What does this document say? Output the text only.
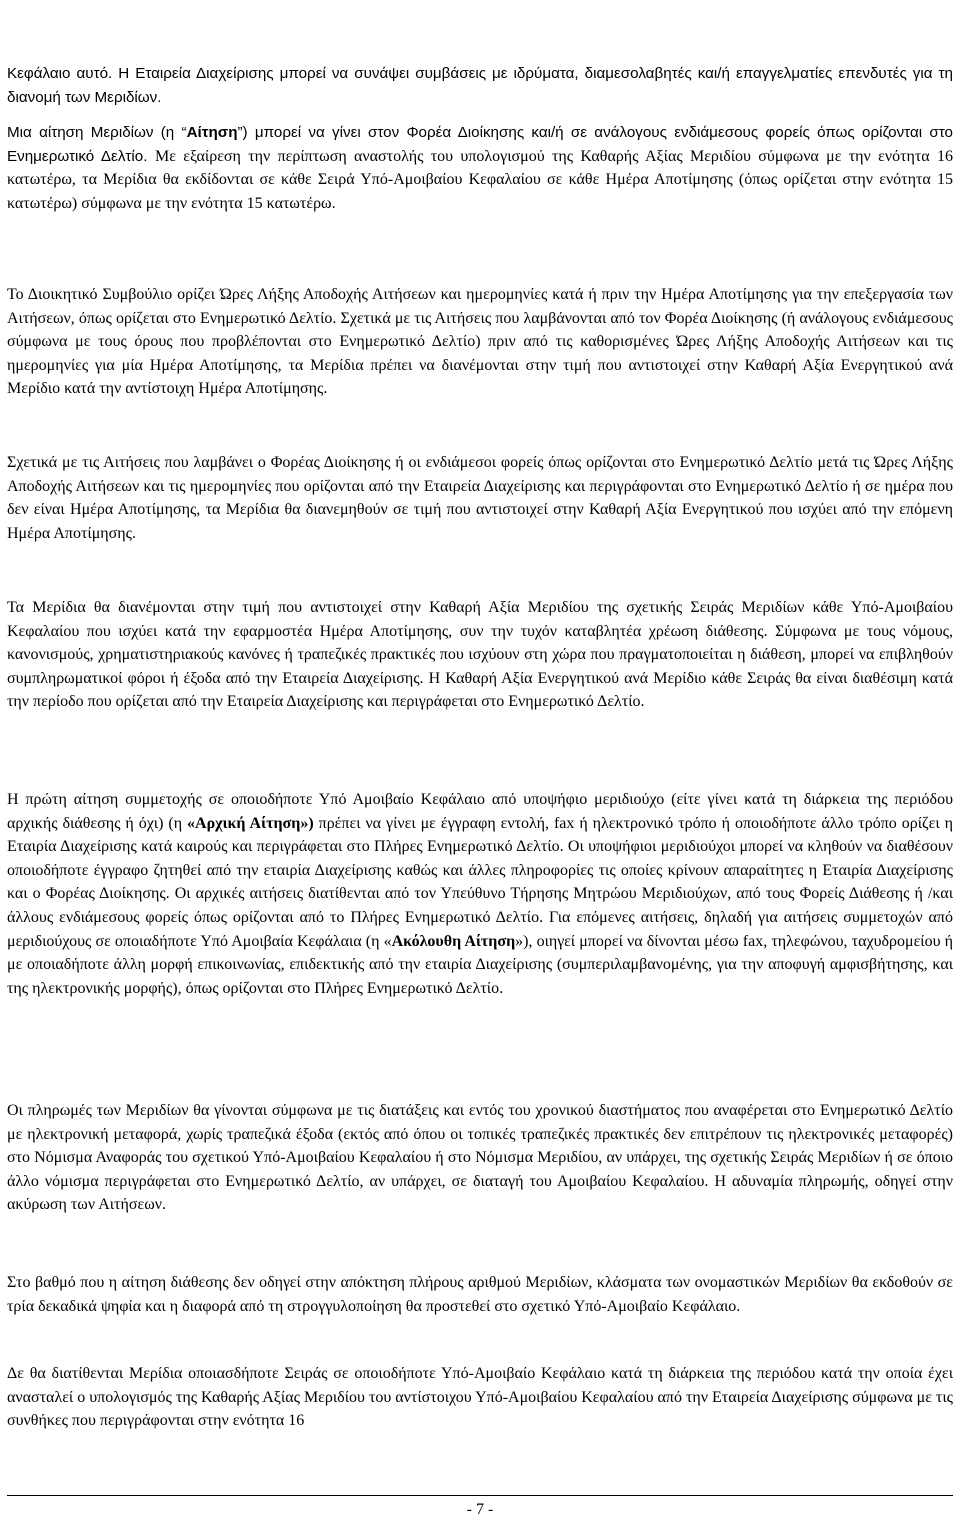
Κεφάλαιο αυτό. Η Εταιρεία Διαχείρισης μπορεί να συνάψει συμβάσεις με ιδρύματα, διαμεσολαβητές και/ή επαγγελματίες επενδυτές για τη διανομή των Μεριδίων.

Μια αίτηση Μεριδίων (η “Αίτηση”) μπορεί να γίνει στον Φορέα Διοίκησης και/ή σε ανάλογους ενδιάμεσους φορείς όπως ορίζονται στο Ενημερωτικό Δελτίο. Με εξαίρεση την περίπτωση αναστολής του υπολογισμού της Καθαρής Αξίας Μεριδίου σύμφωνα με την ενότητα 16 κατωτέρω, τα Μερίδια θα εκδίδονται σε κάθε Σειρά Υπό-Αμοιβαίου Κεφαλαίου σε κάθε Ημέρα Αποτίμησης (όπως ορίζεται στην ενότητα 15 κατωτέρω) σύμφωνα με την ενότητα 15 κατωτέρω.

Το Διοικητικό Συμβούλιο ορίζει Ώρες Λήξης Αποδοχής Αιτήσεων και ημερομηνίες κατά ή πριν την Ημέρα Αποτίμησης για την επεξεργασία των Αιτήσεων, όπως ορίζεται στο Ενημερωτικό Δελτίο. Σχετικά με τις Αιτήσεις που λαμβάνονται από τον Φορέα Διοίκησης (ή ανάλογους ενδιάμεσους σύμφωνα με τους όρους που προβλέπονται στο Ενημερωτικό Δελτίο) πριν από τις καθορισμένες Ώρες Λήξης Αποδοχής Αιτήσεων και τις ημερομηνίες για μία Ημέρα Αποτίμησης, τα Μερίδια πρέπει να διανέμονται στην τιμή που αντιστοιχεί στην Καθαρή Αξία Ενεργητικού ανά Μερίδιο κατά την αντίστοιχη Ημέρα Αποτίμησης.

Σχετικά με τις Αιτήσεις που λαμβάνει ο Φορέας Διοίκησης ή οι ενδιάμεσοι φορείς όπως ορίζονται στο Ενημερωτικό Δελτίο μετά τις Ώρες Λήξης Αποδοχής Αιτήσεων και τις ημερομηνίες που ορίζονται από την Εταιρεία Διαχείρισης και περιγράφονται στο Ενημερωτικό Δελτίο ή σε ημέρα που δεν είναι Ημέρα Αποτίμησης, τα Μερίδια θα διανεμηθούν σε τιμή που αντιστοιχεί στην Καθαρή Αξία Ενεργητικού που ισχύει από την επόμενη Ημέρα Αποτίμησης.

Τα Μερίδια θα διανέμονται στην τιμή που αντιστοιχεί στην Καθαρή Αξία Μεριδίου της σχετικής Σειράς Μεριδίων κάθε Υπό-Αμοιβαίου Κεφαλαίου που ισχύει κατά την εφαρμοστέα Ημέρα Αποτίμησης, συν την τυχόν καταβλητέα χρέωση διάθεσης. Σύμφωνα με τους νόμους, κανονισμούς, χρηματιστηριακούς κανόνες ή τραπεζικές πρακτικές που ισχύουν στη χώρα που πραγματοποιείται η διάθεση, μπορεί να επιβληθούν συμπληρωματικοί φόροι ή έξοδα από την Εταιρεία Διαχείρισης. Η Καθαρή Αξία Ενεργητικού ανά Μερίδιο κάθε Σειράς θα είναι διαθέσιμη κατά την περίοδο που ορίζεται από την Εταιρεία Διαχείρισης και περιγράφεται στο Ενημερωτικό Δελτίο.

Η πρώτη αίτηση συμμετοχής σε οποιοδήποτε Υπό Αμοιβαίο Κεφάλαιο από υποψήφιο μεριδιούχο (είτε γίνει κατά τη διάρκεια της περιόδου αρχικής διάθεσης ή όχι) (η «Αρχική Αίτηση») πρέπει να γίνει με έγγραφη εντολή, fax ή ηλεκτρονικό τρόπο ή οποιοδήποτε άλλο τρόπο ορίζει η Εταιρία Διαχείρισης κατά καιρούς και περιγράφεται στο Πλήρες Ενημερωτικό Δελτίο. Οι υποψήφιοι μεριδιούχοι μπορεί να κληθούν να διαθέσουν οποιοδήποτε έγγραφο ζητηθεί από την εταιρία Διαχείρισης καθώς και άλλες πληροφορίες τις οποίες κρίνουν απαραίτητες η Εταιρία Διαχείρισης και ο Φορέας Διοίκησης. Οι αρχικές αιτήσεις διατίθενται από τον Υπεύθυνο Τήρησης Μητρώου Μεριδιούχων, από τους Φορείς Διάθεσης ή /και άλλους ενδιάμεσους φορείς όπως ορίζονται από το Πλήρες Ενημερωτικό Δελτίο. Για επόμενες αιτήσεις, δηλαδή για αιτήσεις συμμετοχών από μεριδιούχους σε οποιαδήποτε Υπό Αμοιβαία Κεφάλαια (η «Ακόλουθη Αίτηση»), οιηγεί μπορεί να δίνονται μέσω fax, τηλεφώνου, ταχυδρομείου ή με οποιαδήποτε άλλη μορφή επικοινωνίας, επιδεκτικής από την εταιρία Διαχείρισης (συμπεριλαμβανομένης, για την αποφυγή αμφισβήτησης, και της ηλεκτρονικής μορφής), όπως ορίζονται στο Πλήρες Ενημερωτικό Δελτίο.

Οι πληρωμές των Μεριδίων θα γίνονται σύμφωνα με τις διατάξεις και εντός του χρονικού διαστήματος που αναφέρεται στο Ενημερωτικό Δελτίο με ηλεκτρονική μεταφορά, χωρίς τραπεζικά έξοδα (εκτός από όπου οι τοπικές τραπεζικές πρακτικές δεν επιτρέπουν τις ηλεκτρονικές μεταφορές) στο Νόμισμα Αναφοράς του σχετικού Υπό-Αμοιβαίου Κεφαλαίου ή στο Νόμισμα Μεριδίου, αν υπάρχει, της σχετικής Σειράς Μεριδίων ή σε όποιο άλλο νόμισμα περιγράφεται στο Ενημερωτικό Δελτίο, αν υπάρχει, σε διαταγή του Αμοιβαίου Κεφαλαίου. Η αδυναμία πληρωμής, οδηγεί στην ακύρωση των Αιτήσεων.

Στο βαθμό που η αίτηση διάθεσης δεν οδηγεί στην απόκτηση πλήρους αριθμού Μεριδίων, κλάσματα των ονομαστικών Μεριδίων θα εκδοθούν σε τρία δεκαδικά ψηφία και η διαφορά από τη στρογγυλοποίηση θα προστεθεί στο σχετικό Υπό-Αμοιβαίο Κεφάλαιο.

Δε θα διατίθενται Μερίδια οποιασδήποτε Σειράς σε οποιοδήποτε Υπό-Αμοιβαίο Κεφάλαιο κατά τη διάρκεια της περιόδου κατά την οποία έχει ανασταλεί ο υπολογισμός της Καθαρής Αξίας Μεριδίου του αντίστοιχου Υπό-Αμοιβαίου Κεφαλαίου από την Εταιρεία Διαχείρισης σύμφωνα με τις συνθήκες που περιγράφονται στην ενότητα 16

- 7 -
